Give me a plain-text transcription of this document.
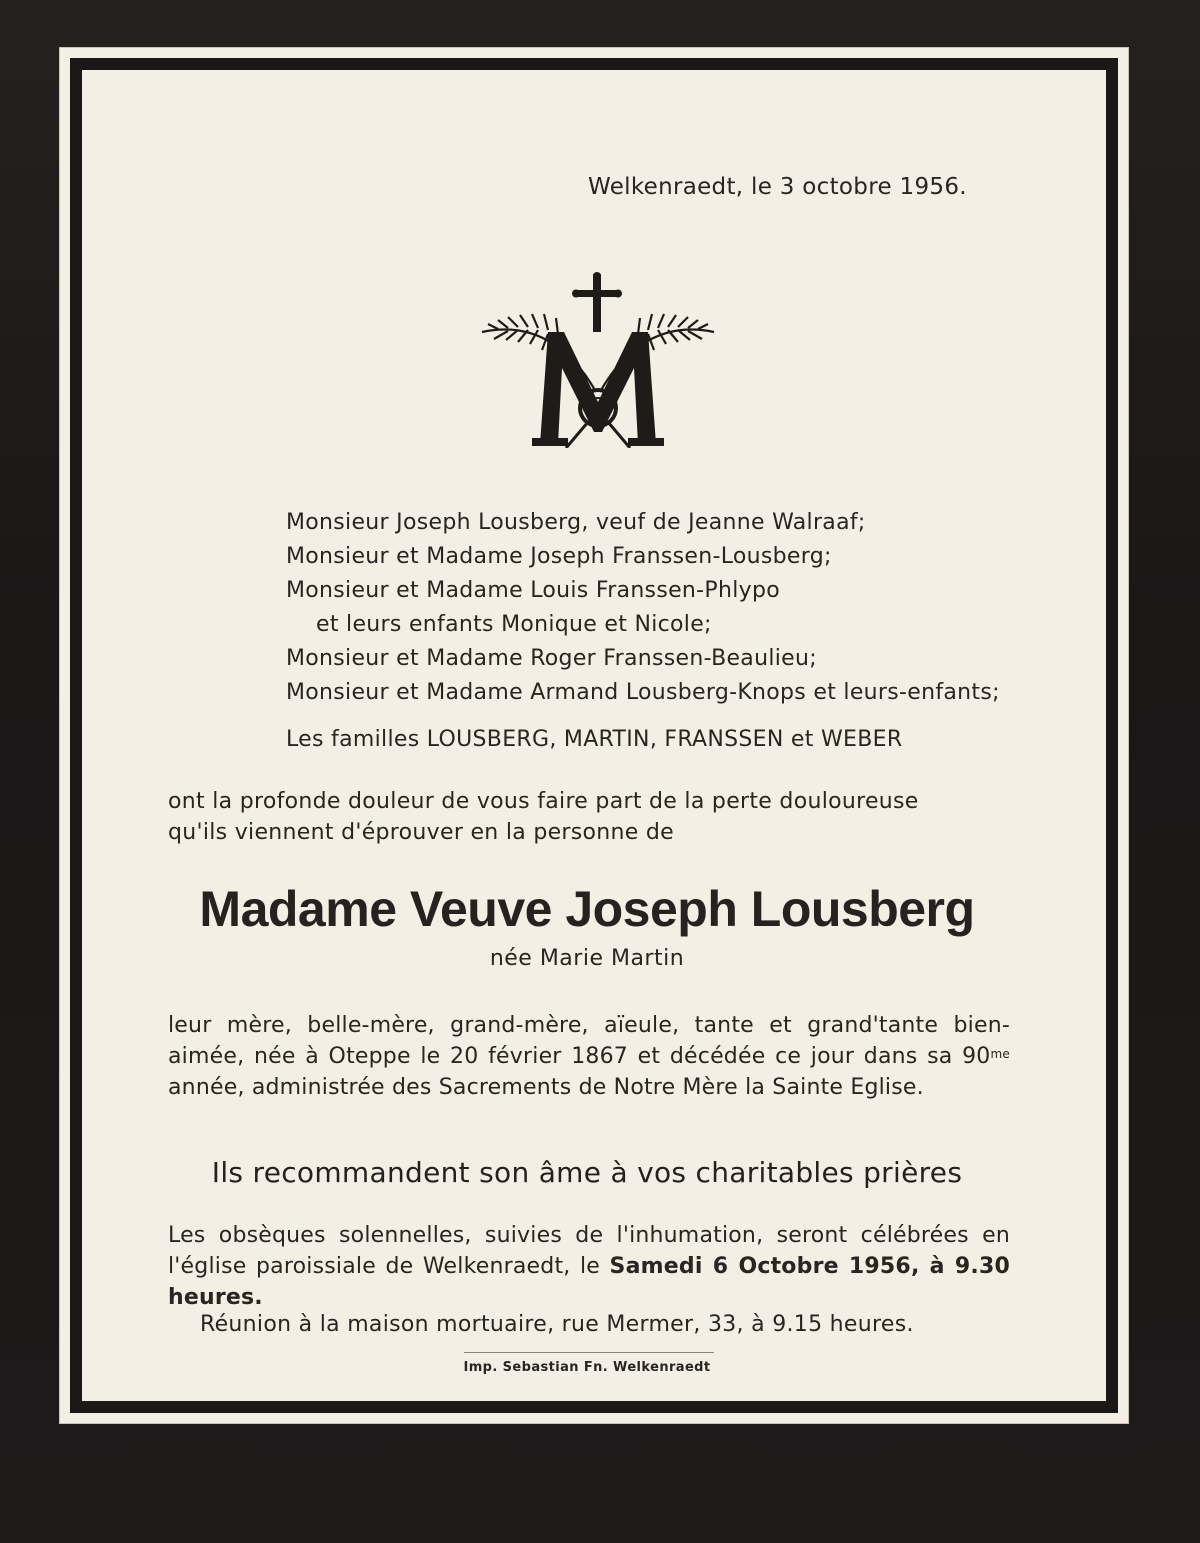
Welkenraedt, le 3 octobre 1956.
Monsieur Joseph Lousberg, veuf de Jeanne Walraaf;
Monsieur et Madame Joseph Franssen-Lousberg;
Monsieur et Madame Louis Franssen-Phlypo
et leurs enfants Monique et Nicole;
Monsieur et Madame Roger Franssen-Beaulieu;
Monsieur et Madame Armand Lousberg-Knops et leurs-enfants;
Les familles LOUSBERG, MARTIN, FRANSSEN et WEBER
ont la profonde douleur de vous faire part de la perte douloureuse
qu'ils viennent d'éprouver en la personne de
Madame Veuve Joseph Lousberg
née Marie Martin
leur mère, belle-mère, grand-mère, aïeule, tante et grand'tante bien-aimée, née à Oteppe le 20 février 1867 et décédée ce jour dans sa $90^{me}$ année, administrée des Sacrements de Notre Mère la Sainte Eglise.
Ils recommandent son âme à vos charitables prières
Les obsèques solennelles, suivies de l'inhumation, seront célébrées en l'église paroissiale de Welkenraedt, le Samedi 6 Octobre 1956, à 9.30 heures.
Réunion à la maison mortuaire, rue Mermer, 33, à 9.15 heures.
Imp. Sebastian Fn. Welkenraedt
